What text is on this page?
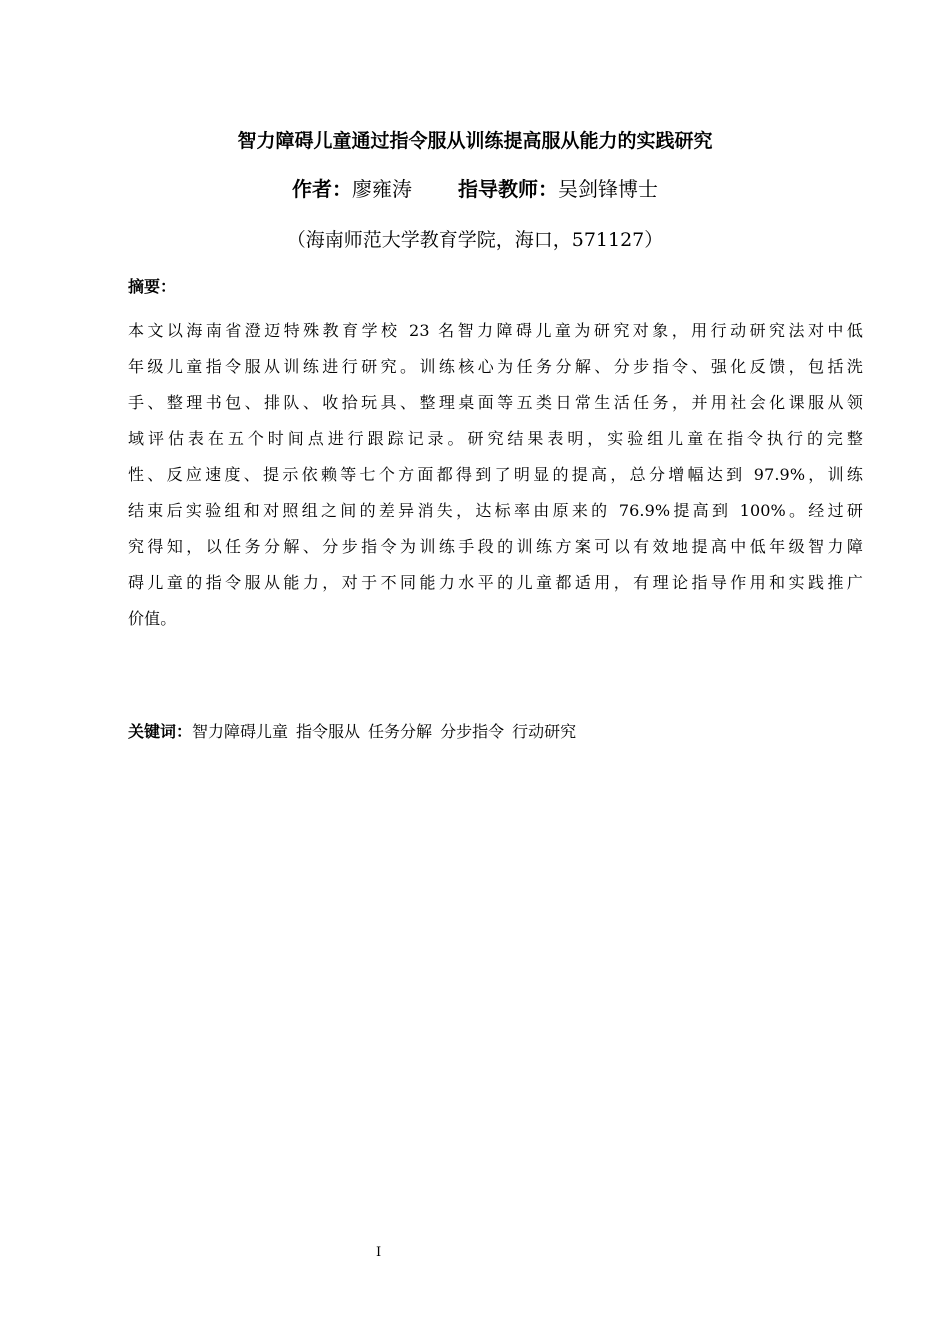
智力障碍儿童通过指令服从训练提高服从能力的实践研究
作者：廖雍涛 指导教师：吴剑锋博士
（海南师范大学教育学院，海口，571127）
摘要：
本文以海南省澄迈特殊教育学校 23 名智力障碍儿童为研究对象，用行动研究法对中低
年级儿童指令服从训练进行研究。训练核心为任务分解、分步指令、强化反馈，包括洗
手、整理书包、排队、收拾玩具、整理桌面等五类日常生活任务，并用社会化课服从领
域评估表在五个时间点进行跟踪记录。研究结果表明，实验组儿童在指令执行的完整
性、反应速度、提示依赖等七个方面都得到了明显的提高，总分增幅达到 97.9%，训练
结束后实验组和对照组之间的差异消失，达标率由原来的 76.9%提高到 100%。经过研
究得知，以任务分解、分步指令为训练手段的训练方案可以有效地提高中低年级智力障
碍儿童的指令服从能力，对于不同能力水平的儿童都适用，有理论指导作用和实践推广
价值。
关键词：智力障碍儿童 指令服从 任务分解 分步指令 行动研究
I
